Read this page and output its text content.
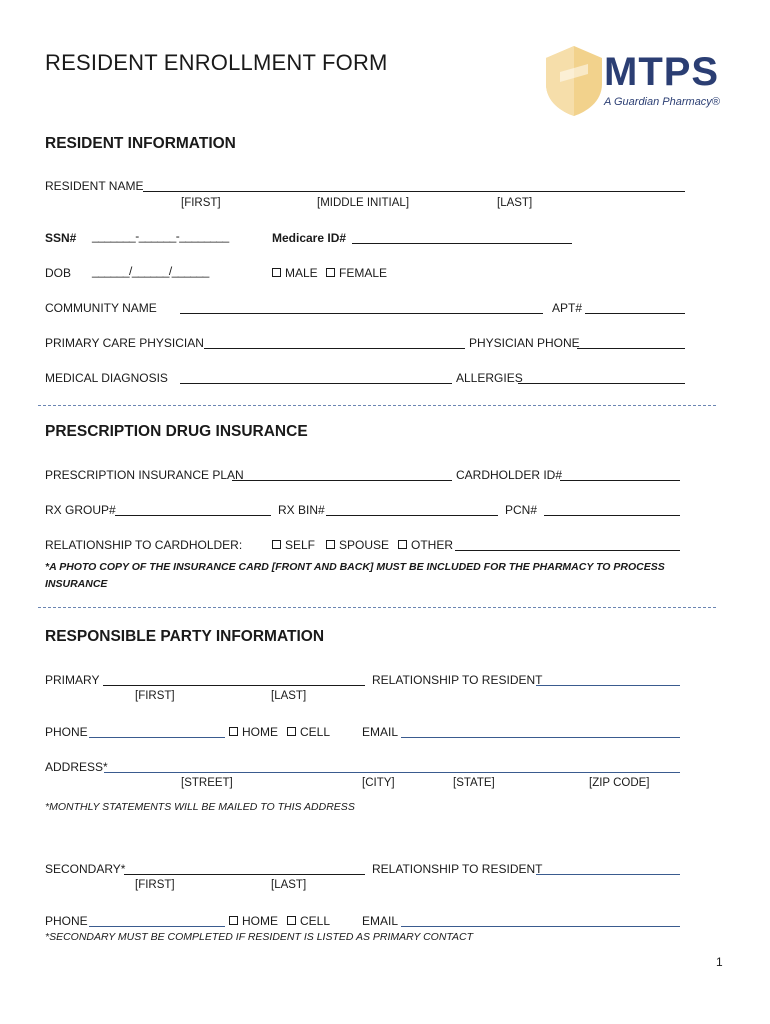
RESIDENT ENROLLMENT FORM	MTPS
A Guardian Pharmacy®
RESIDENT INFORMATION
RESIDENT NAME
[FIRST]	[MIDDLE INITIAL]	[LAST]
SSN# _______-______-________	Medicare ID#
DOB ______/______/______	MALE	FEMALE
COMMUNITY NAME	APT#
PRIMARY CARE PHYSICIAN	PHYSICIAN PHONE
MEDICAL DIAGNOSIS	ALLERGIES
PRESCRIPTION DRUG INSURANCE
PRESCRIPTION INSURANCE PLAN	CARDHOLDER ID#
RX GROUP#	RX BIN#	PCN#
RELATIONSHIP TO CARDHOLDER:	SELF	SPOUSE	OTHER
*A PHOTO COPY OF THE INSURANCE CARD [FRONT AND BACK] MUST BE INCLUDED FOR THE PHARMACY TO PROCESS
INSURANCE
RESPONSIBLE PARTY INFORMATION
PRIMARY	RELATIONSHIP TO RESIDENT
[FIRST]	[LAST]
PHONE	HOME	CELL	EMAIL
ADDRESS*
[STREET]	[CITY]	[STATE]	[ZIP CODE]
*MONTHLY STATEMENTS WILL BE MAILED TO THIS ADDRESS
SECONDARY*	RELATIONSHIP TO RESIDENT
[FIRST]	[LAST]
PHONE	HOME	CELL	EMAIL
*SECONDARY MUST BE COMPLETED IF RESIDENT IS LISTED AS PRIMARY CONTACT
1
